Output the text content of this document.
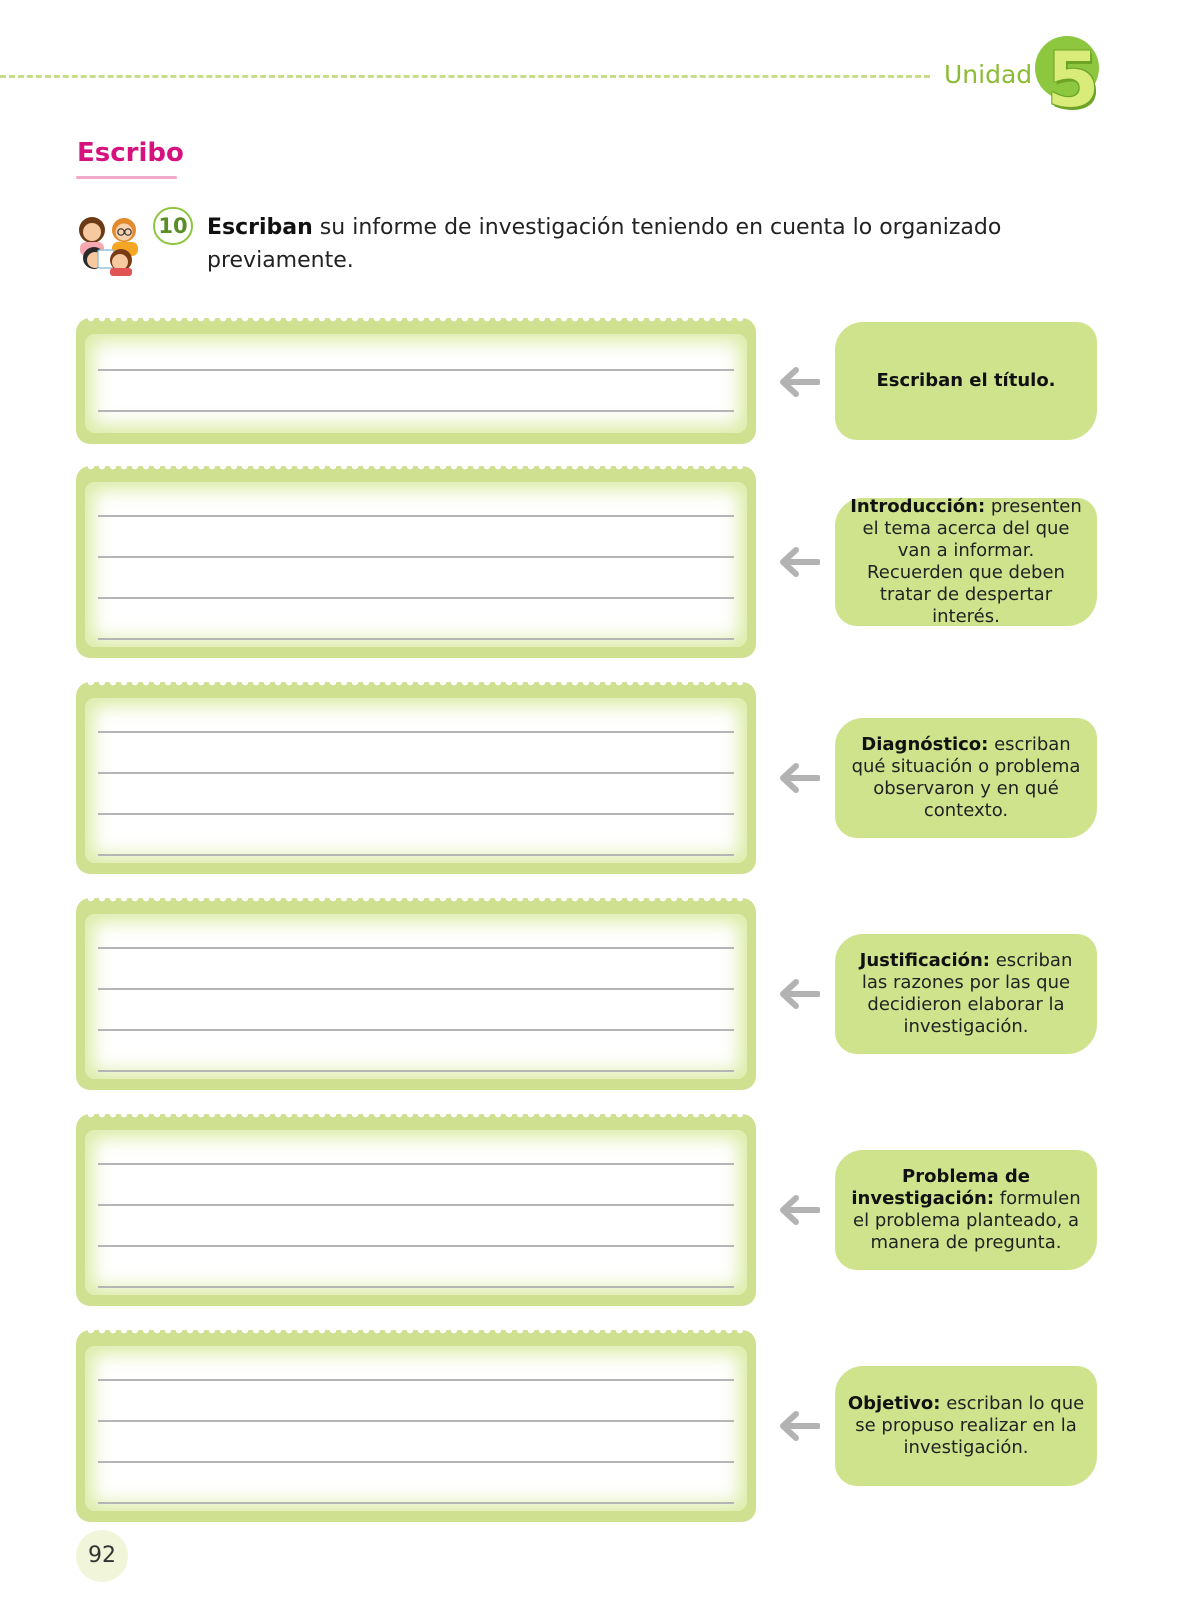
Unidad 5
Escribo
10 Escriban su informe de investigación teniendo en cuenta lo organizado previamente.
Escriban el título.
Introducción: presenten el tema acerca del que van a informar. Recuerden que deben tratar de despertar interés.
Diagnóstico: escriban qué situación o problema observaron y en qué contexto.
Justificación: escriban las razones por las que decidieron elaborar la investigación.
Problema de investigación: formulen el problema planteado, a manera de pregunta.
Objetivo: escriban lo que se propuso realizar en la investigación.
92
